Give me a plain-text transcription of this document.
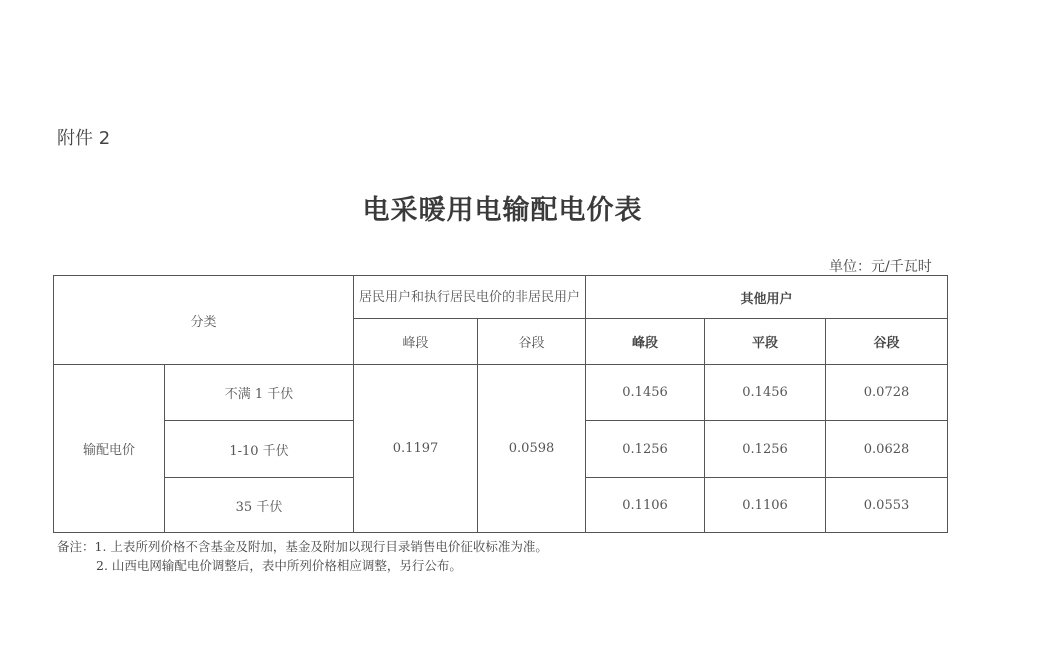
附件 2
电采暖用电输配电价表
单位：元/千瓦时
分类		居民用户和执行居民电价的非居民用户		其他用户		
		峰段	谷段	峰段	平段	谷段
输配电价	不满 1 千伏	0.1197	0.0598	0.1456	0.1456	0.0728
	1-10 千伏			0.1256	0.1256	0.0628
	35 千伏			0.1106	0.1106	0.0553
备注：1. 上表所列价格不含基金及附加，基金及附加以现行目录销售电价征收标准为准。
2. 山西电网输配电价调整后，表中所列价格相应调整，另行公布。
